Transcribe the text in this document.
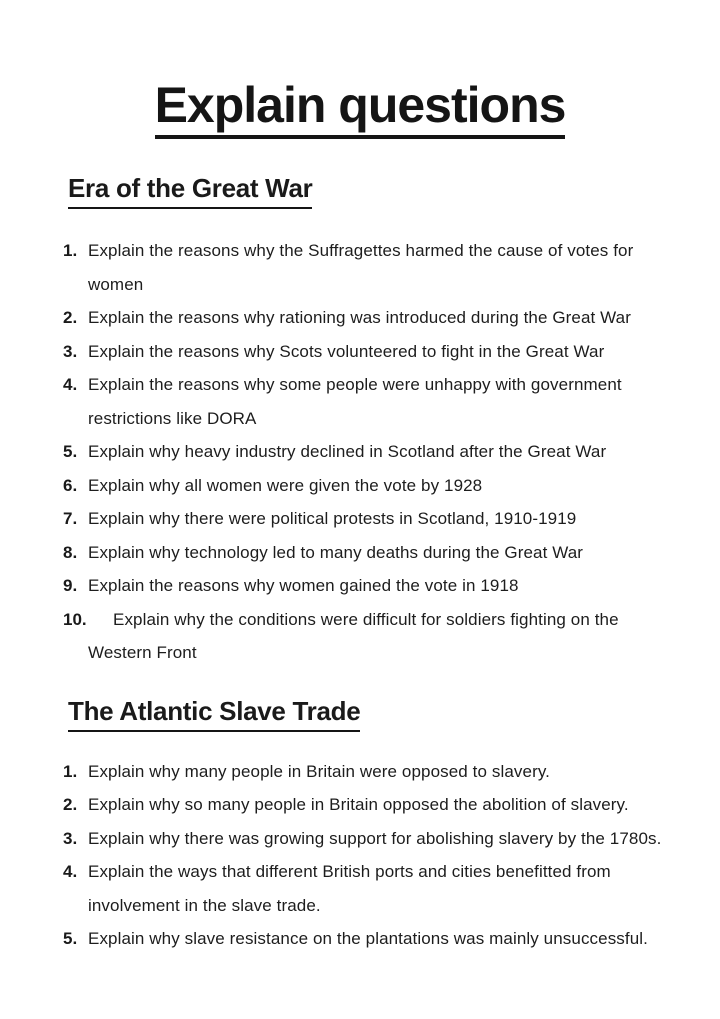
Explain questions
Era of the Great War
1. Explain the reasons why the Suffragettes harmed the cause of votes for
women
2. Explain the reasons why rationing was introduced during the Great War
3. Explain the reasons why Scots volunteered to fight in the Great War
4. Explain the reasons why some people were unhappy with government
restrictions like DORA
5. Explain why heavy industry declined in Scotland after the Great War
6. Explain why all women were given the vote by 1928
7. Explain why there were political protests in Scotland, 1910-1919
8. Explain why technology led to many deaths during the Great War
9. Explain the reasons why women gained the vote in 1918
10.	Explain why the conditions were difficult for soldiers fighting on the
Western Front
The Atlantic Slave Trade
1. Explain why many people in Britain were opposed to slavery.
2. Explain why so many people in Britain opposed the abolition of slavery.
3. Explain why there was growing support for abolishing slavery by the 1780s.
4. Explain the ways that different British ports and cities benefitted from
involvement in the slave trade.
5. Explain why slave resistance on the plantations was mainly unsuccessful.
